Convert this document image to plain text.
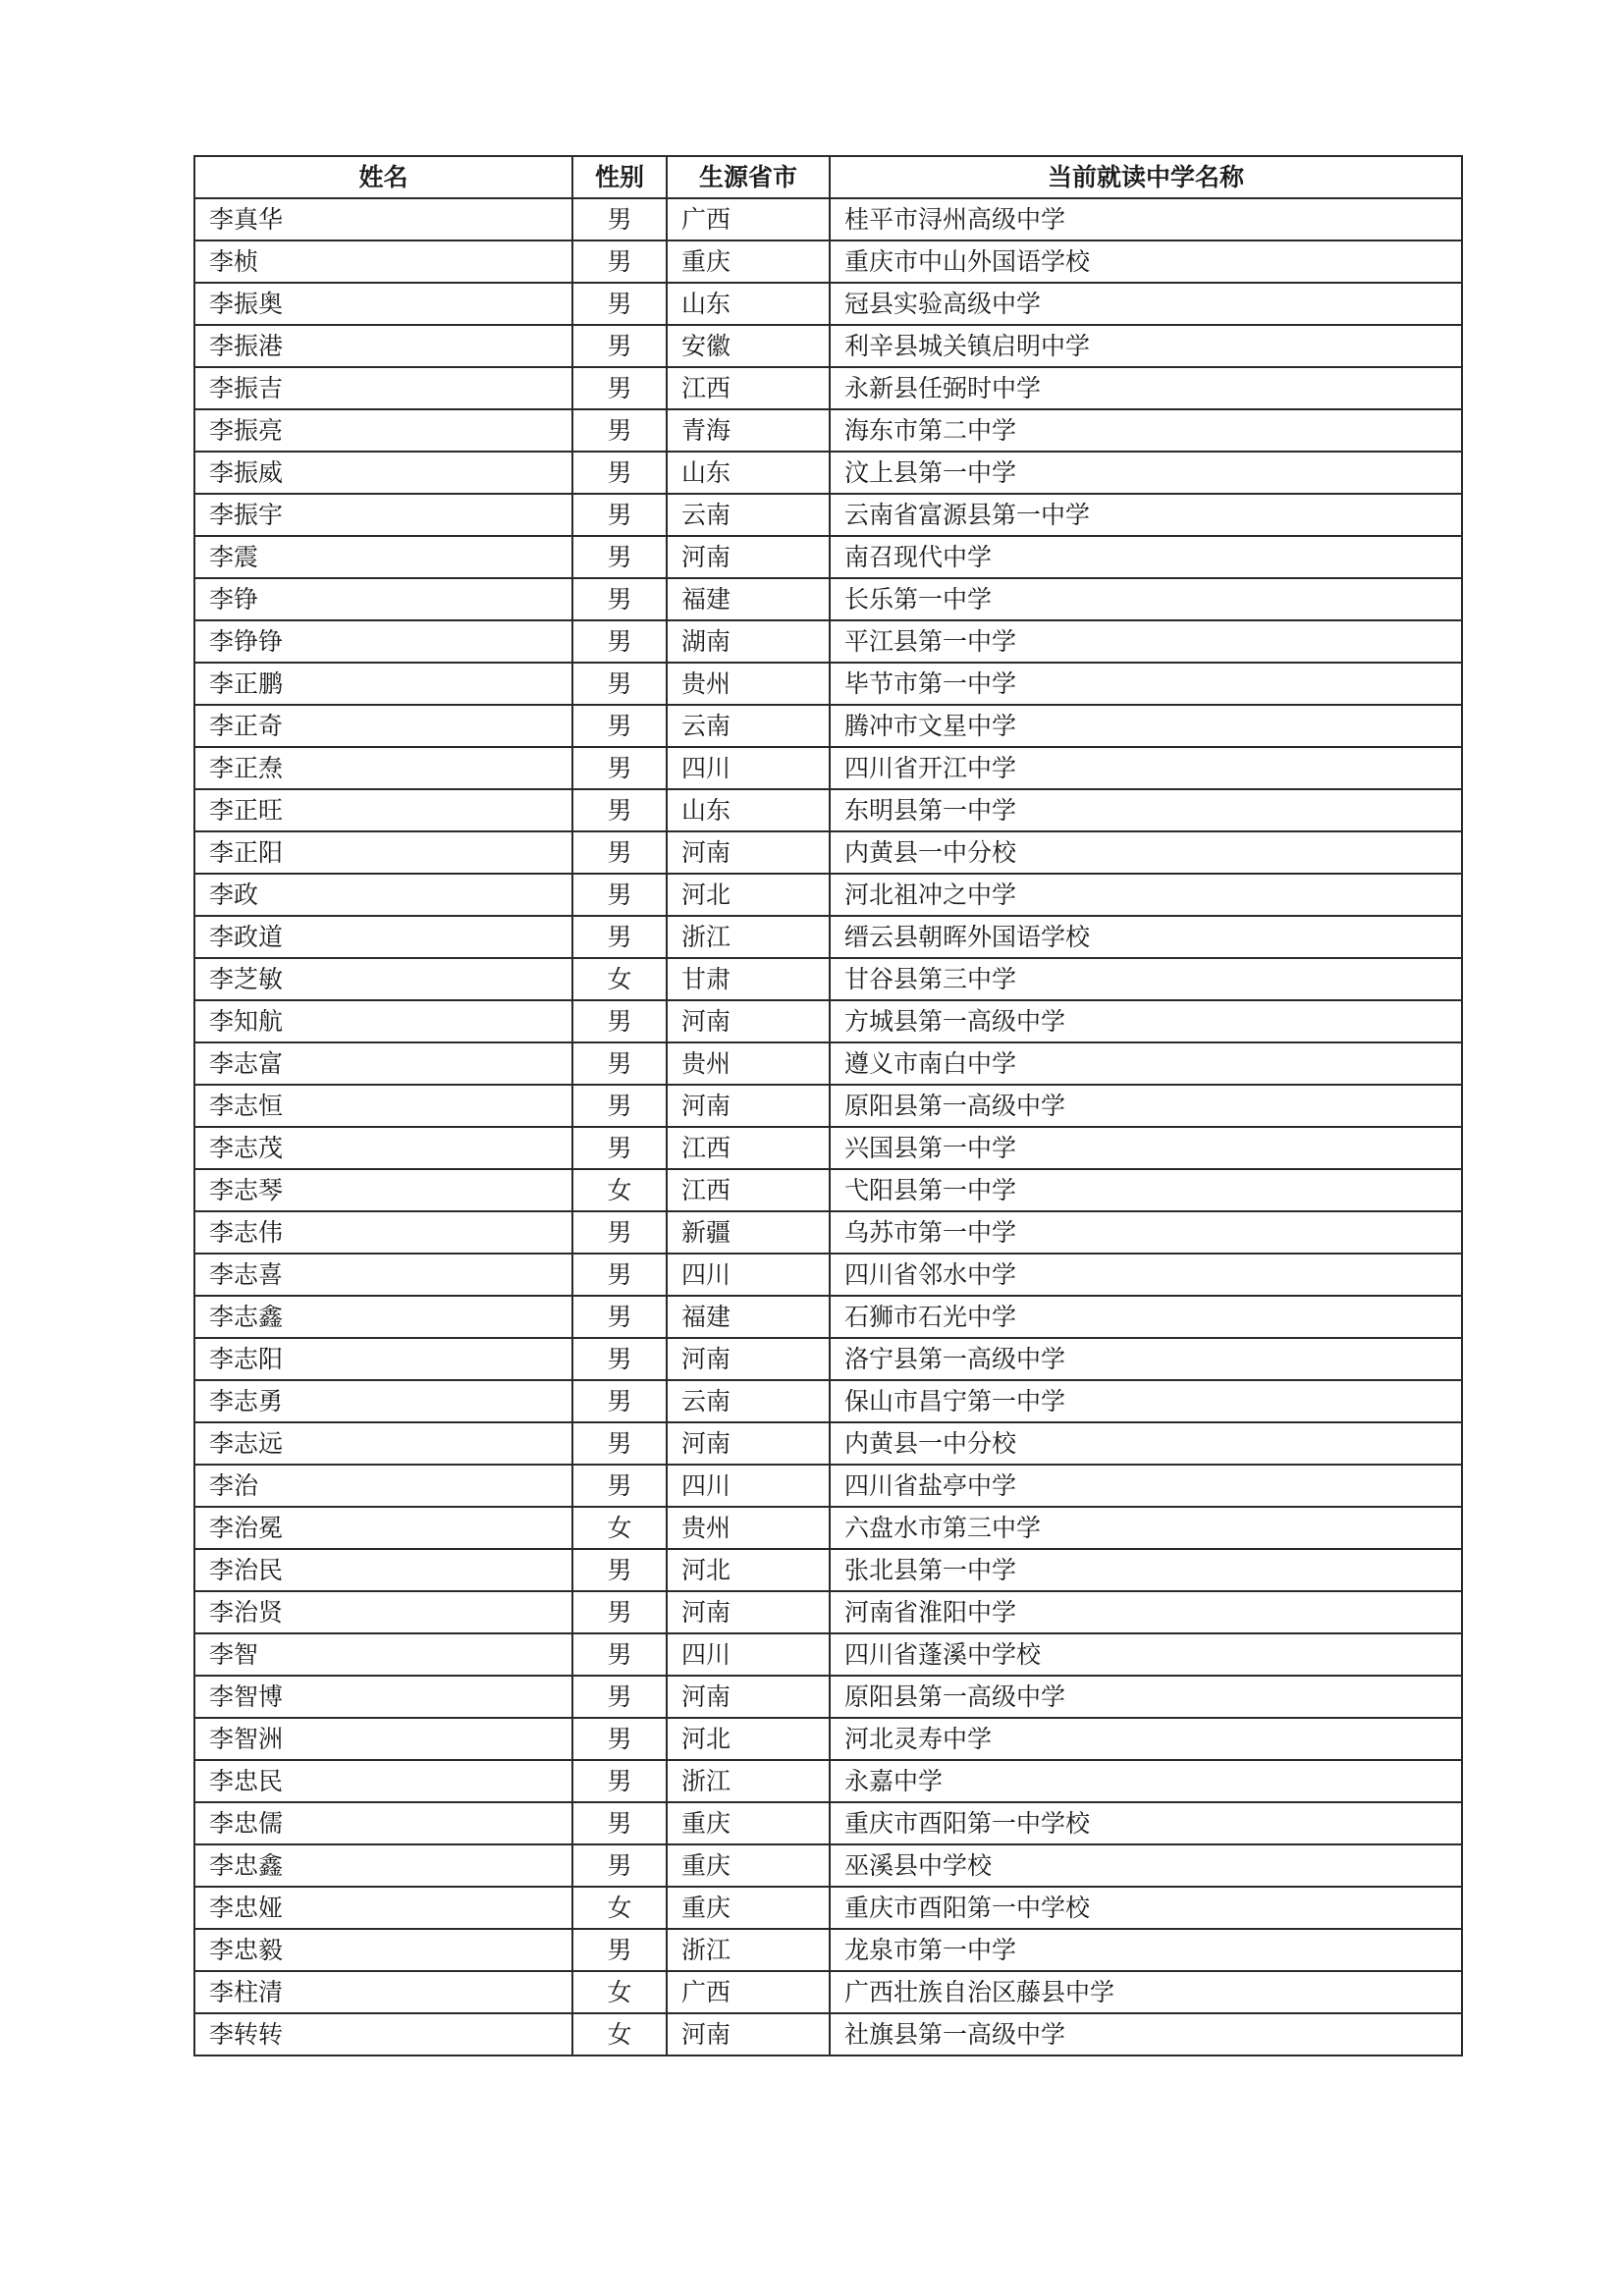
姓名	性别	生源省市	当前就读中学名称
李真华	男	广西	桂平市浔州高级中学
李桢	男	重庆	重庆市中山外国语学校
李振奥	男	山东	冠县实验高级中学
李振港	男	安徽	利辛县城关镇启明中学
李振吉	男	江西	永新县任弼时中学
李振亮	男	青海	海东市第二中学
李振威	男	山东	汶上县第一中学
李振宇	男	云南	云南省富源县第一中学
李震	男	河南	南召现代中学
李铮	男	福建	长乐第一中学
李铮铮	男	湖南	平江县第一中学
李正鹏	男	贵州	毕节市第一中学
李正奇	男	云南	腾冲市文星中学
李正焘	男	四川	四川省开江中学
李正旺	男	山东	东明县第一中学
李正阳	男	河南	内黄县一中分校
李政	男	河北	河北祖冲之中学
李政道	男	浙江	缙云县朝晖外国语学校
李芝敏	女	甘肃	甘谷县第三中学
李知航	男	河南	方城县第一高级中学
李志富	男	贵州	遵义市南白中学
李志恒	男	河南	原阳县第一高级中学
李志茂	男	江西	兴国县第一中学
李志琴	女	江西	弋阳县第一中学
李志伟	男	新疆	乌苏市第一中学
李志喜	男	四川	四川省邻水中学
李志鑫	男	福建	石狮市石光中学
李志阳	男	河南	洛宁县第一高级中学
李志勇	男	云南	保山市昌宁第一中学
李志远	男	河南	内黄县一中分校
李治	男	四川	四川省盐亭中学
李治冕	女	贵州	六盘水市第三中学
李治民	男	河北	张北县第一中学
李治贤	男	河南	河南省淮阳中学
李智	男	四川	四川省蓬溪中学校
李智博	男	河南	原阳县第一高级中学
李智洲	男	河北	河北灵寿中学
李忠民	男	浙江	永嘉中学
李忠儒	男	重庆	重庆市酉阳第一中学校
李忠鑫	男	重庆	巫溪县中学校
李忠娅	女	重庆	重庆市酉阳第一中学校
李忠毅	男	浙江	龙泉市第一中学
李柱清	女	广西	广西壮族自治区藤县中学
李转转	女	河南	社旗县第一高级中学
